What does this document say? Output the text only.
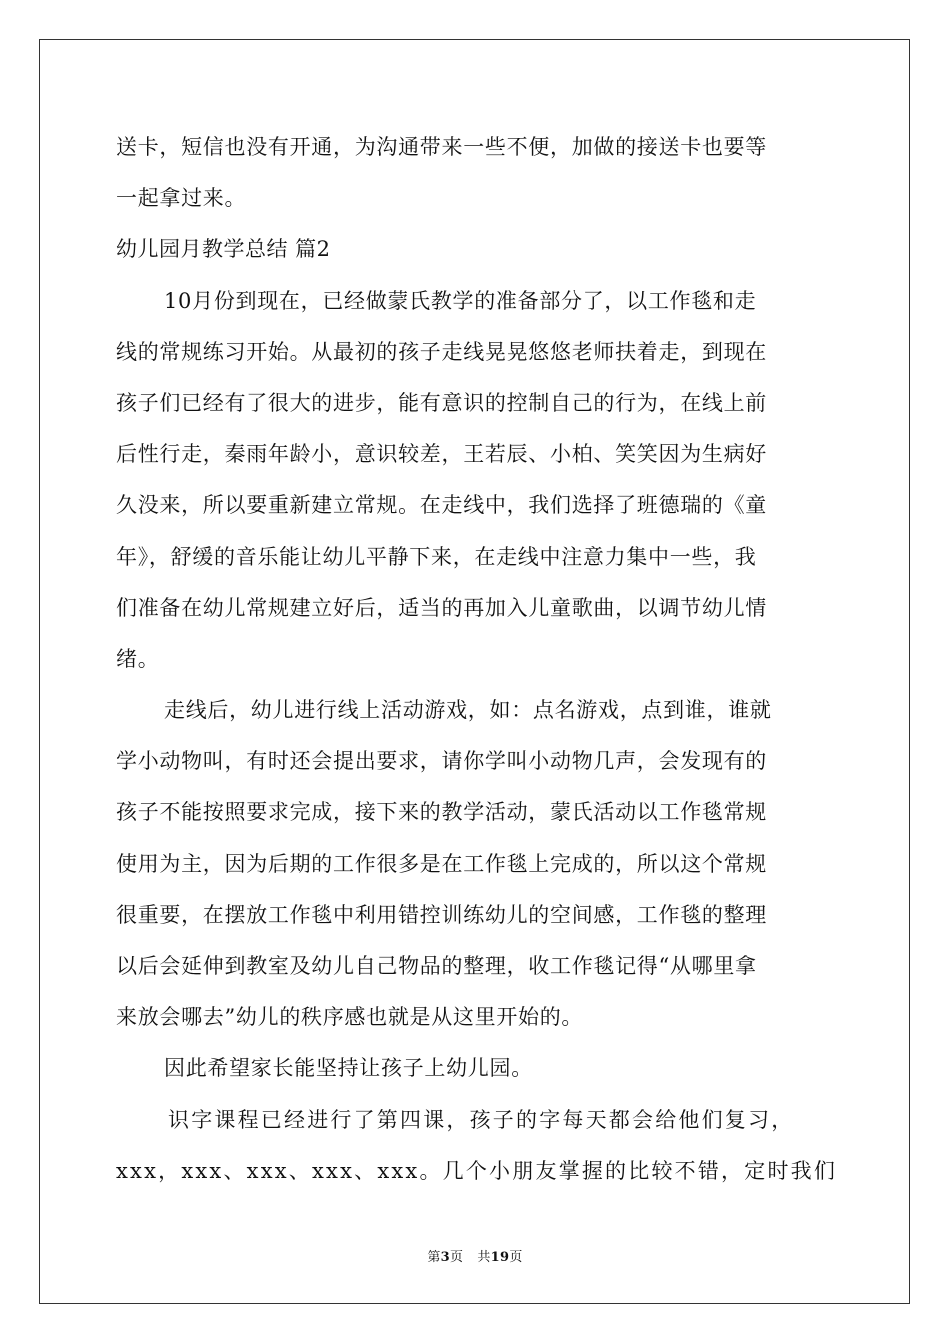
送卡，短信也没有开通，为沟通带来一些不便，加做的接送卡也要等
一起拿过来。
幼儿园月教学总结 篇2
10月份到现在，已经做蒙氏教学的准备部分了，以工作毯和走
线的常规练习开始。从最初的孩子走线晃晃悠悠老师扶着走，到现在
孩子们已经有了很大的进步，能有意识的控制自己的行为，在线上前
后性行走，秦雨年龄小，意识较差，王若辰、小柏、笑笑因为生病好
久没来，所以要重新建立常规。在走线中，我们选择了班德瑞的《童
年》，舒缓的音乐能让幼儿平静下来，在走线中注意力集中一些，我
们准备在幼儿常规建立好后，适当的再加入儿童歌曲，以调节幼儿情
绪。
走线后，幼儿进行线上活动游戏，如：点名游戏，点到谁，谁就
学小动物叫，有时还会提出要求，请你学叫小动物几声，会发现有的
孩子不能按照要求完成，接下来的教学活动，蒙氏活动以工作毯常规
使用为主，因为后期的工作很多是在工作毯上完成的，所以这个常规
很重要，在摆放工作毯中利用错控训练幼儿的空间感，工作毯的整理
以后会延伸到教室及幼儿自己物品的整理，收工作毯记得“从哪里拿
来放会哪去”幼儿的秩序感也就是从这里开始的。
因此希望家长能坚持让孩子上幼儿园。
识字课程已经进行了第四课，孩子的字每天都会给他们复习，
xxx，xxx、xxx、xxx、xxx。几个小朋友掌握的比较不错，定时我们
第3页 共19页
